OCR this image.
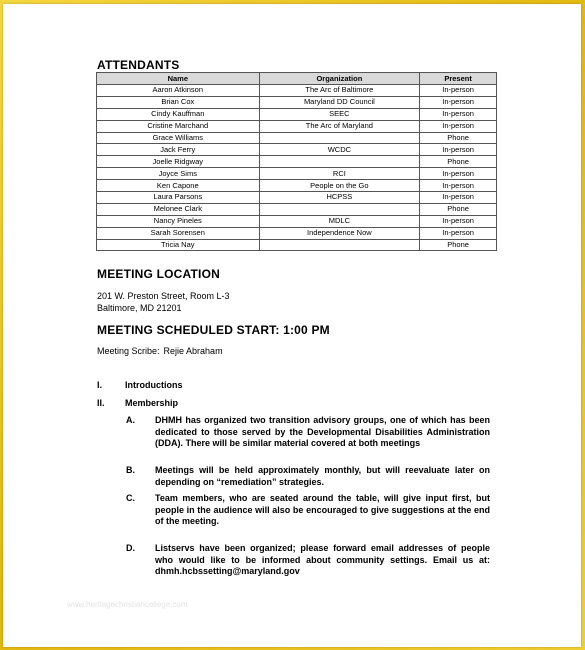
ATTENDANTS
Name	Organization	Present
Aaron Atkinson	The Arc of Baltimore	In-person
Brian Cox	Maryland DD Council	In-person
Cindy Kauffman	SEEC	In-person
Cristine Marchand	The Arc of Maryland	In-person
Grace Williams		Phone
Jack Ferry	WCDC	In-person
Joelle Ridgway		Phone
Joyce Sims	RCI	In-person
Ken Capone	People on the Go	In-person
Laura Parsons	HCPSS	In-person
Melonee Clark		Phone
Nancy Pineles	MDLC	In-person
Sarah Sorensen	Independence Now	In-person
Tricia Nay		Phone
MEETING LOCATION
201 W. Preston Street, Room L-3
Baltimore, MD 21201
MEETING SCHEDULED START: 1:00 PM
Meeting Scribe: Rejie Abraham
I.	Introductions
II. Membership
A. DHMH has organized two transition advisory groups, one of which has been dedicated to those served by the Developmental Disabilities Administration (DDA). There will be similar material covered at both meetings
B. Meetings will be held approximately monthly, but will reevaluate later on depending on “remediation” strategies.
C. Team members, who are seated around the table, will give input first, but people in the audience will also be encouraged to give suggestions at the end of the meeting.
D. Listservs have been organized; please forward email addresses of people who would like to be informed about community settings. Email us at: dhmh.hcbssetting@maryland.gov
www.heritagechristiancollege.com
